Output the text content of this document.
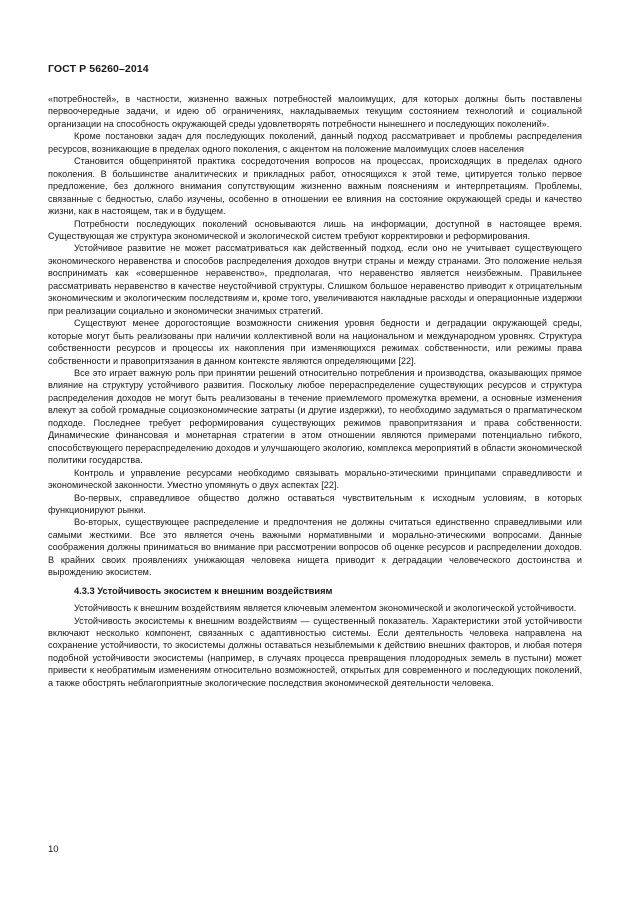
ГОСТ Р 56260–2014

«потребностей», в частности, жизненно важных потребностей малоимущих, для которых должны быть поставлены первоочередные задачи, и идею об ограничениях, накладываемых текущим состоянием технологий и социальной организации на способность окружающей среды удовлетворять потребности нынешнего и последующих поколений».

Кроме постановки задач для последующих поколений, данный подход рассматривает и проблемы распределения ресурсов, возникающие в пределах одного поколения, с акцентом на положение малоимущих слоев населения

Становится общепринятой практика сосредоточения вопросов на процессах, происходящих в пределах одного поколения. В большинстве аналитических и прикладных работ, относящихся к этой теме, цитируется только первое предложение, без должного внимания сопутствующим жизненно важным пояснениям и интерпретациям. Проблемы, связанные с бедностью, слабо изучены, особенно в отношении ее влияния на состояние окружающей среды и качество жизни, как в настоящем, так и в будущем.

Потребности последующих поколений основываются лишь на информации, доступной в настоящее время. Существующая же структура экономической и экологической систем требуют корректировки и реформирования.

Устойчивое развитие не может рассматриваться как действенный подход, если оно не учитывает существующего экономического неравенства и способов распределения доходов внутри страны и между странами. Это положение нельзя воспринимать как «совершенное неравенство», предполагая, что неравенство является неизбежным. Правильнее рассматривать неравенство в качестве неустойчивой структуры. Слишком большое неравенство приводит к отрицательным экономическим и экологическим последствиям и, кроме того, увеличиваются накладные расходы и операционные издержки при реализации социально и экономически значимых стратегий.

Существуют менее дорогостоящие возможности снижения уровня бедности и деградации окружающей среды, которые могут быть реализованы при наличии коллективной воли на национальном и международном уровнях. Структура собственности ресурсов и процессы их накопления при изменяющихся режимах собственности, или режимы права собственности и правопритязания в данном контексте являются определяющими [22].

Все это играет важную роль при принятии решений относительно потребления и производства, оказывающих прямое влияние на структуру устойчивого развития. Поскольку любое перераспределение существующих ресурсов и структура распределения доходов не могут быть реализованы в течение приемлемого промежутка времени, а основные изменения влекут за собой громадные социоэкономические затраты (и другие издержки), то необходимо задуматься о прагматическом подходе. Последнее требует реформирования существующих режимов правопритязания и права собственности. Динамические финансовая и монетарная стратегии в этом отношении являются примерами потенциально гибкого, способствующего перераспределению доходов и улучшающего экологию, комплекса мероприятий в области экономической политики государства.

Контроль и управление ресурсами необходимо связывать морально-этическими принципами справедливости и экономической законности. Уместно упомянуть о двух аспектах [22].

Во-первых, справедливое общество должно оставаться чувствительным к исходным условиям, в которых функционируют рынки.

Во-вторых, существующее распределение и предпочтения не должны считаться единственно справедливыми или самыми жесткими. Все это является очень важными нормативными и морально-этическими вопросами. Данные соображения должны приниматься во внимание при рассмотрении вопросов об оценке ресурсов и распределении доходов. В крайних своих проявлениях унижающая человека нищета приводит к деградации человеческого достоинства и вырождению экосистем.

4.3.3 Устойчивость экосистем к внешним воздействиям

Устойчивость к внешним воздействиям является ключевым элементом экономической и экологической устойчивости.

Устойчивость экосистемы к внешним воздействиям — существенный показатель. Характеристики этой устойчивости включают несколько компонент, связанных с адаптивностью системы. Если деятельность человека направлена на сохранение устойчивости, то экосистемы должны оставаться незыблемыми к действию внешних факторов, и любая потеря подобной устойчивости экосистемы (например, в случаях процесса превращения плодородных земель в пустыни) может привести к необратимым изменениям относительно возможностей, открытых для современного и последующих поколений, а также обострять неблагоприятные экологические последствия экономической деятельности человека.

10
